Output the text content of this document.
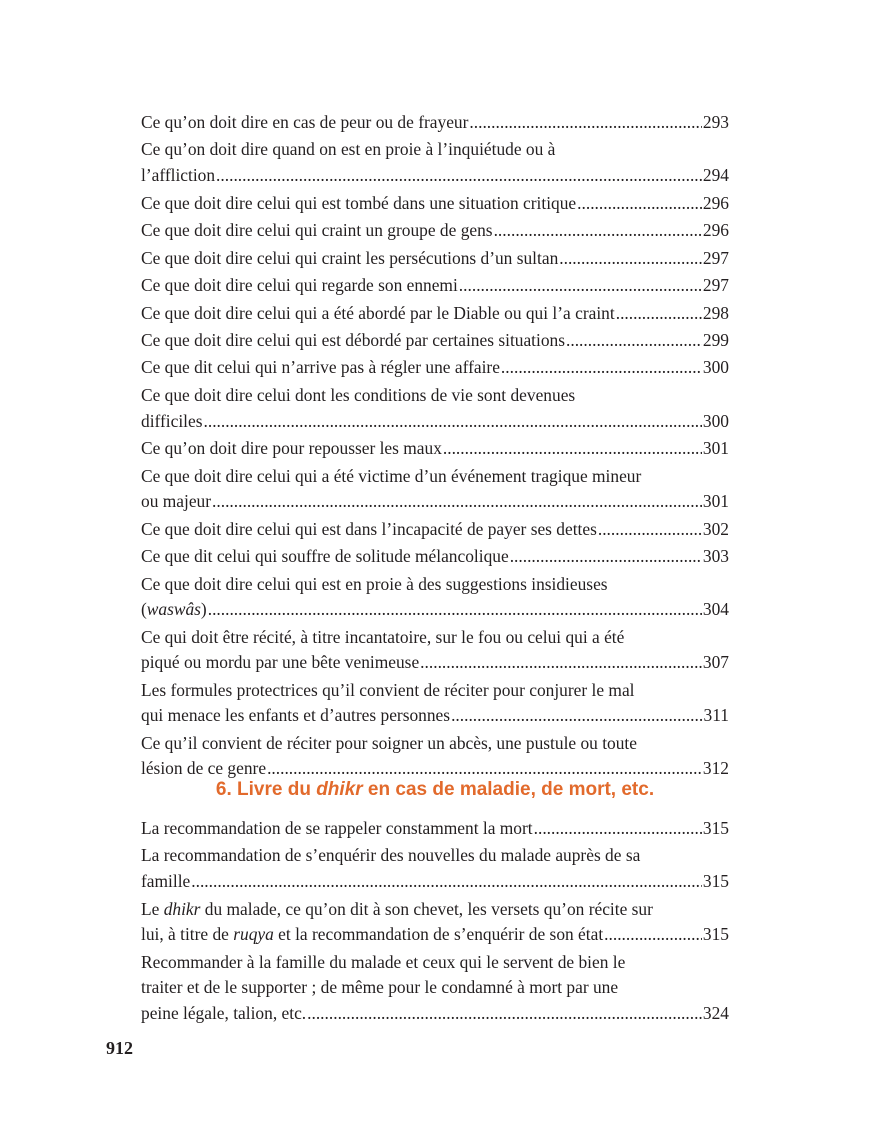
Ce qu’on doit dire en cas de peur ou de frayeur .....	293
Ce qu’on doit dire quand on est en proie à l’inquiétude ou à
l’affliction .....	294
Ce que doit dire celui qui est tombé dans une situation critique .....	296
Ce que doit dire celui qui craint un groupe de gens .....	296
Ce que doit dire celui qui craint les persécutions d’un sultan .....	297
Ce que doit dire celui qui regarde son ennemi .....	297
Ce que doit dire celui qui a été abordé par le Diable ou qui l’a craint .....	298
Ce que doit dire celui qui est débordé par certaines situations .....	299
Ce que dit celui qui n’arrive pas à régler une affaire .....	300
Ce que doit dire celui dont les conditions de vie sont devenues
difficiles .....	300
Ce qu’on doit dire pour repousser les maux .....	301
Ce que doit dire celui qui a été victime d’un événement tragique mineur
ou majeur .....	301
Ce que doit dire celui qui est dans l’incapacité de payer ses dettes .....	302
Ce que dit celui qui souffre de solitude mélancolique .....	303
Ce que doit dire celui qui est en proie à des suggestions insidieuses
(waswâs) .....	304
Ce qui doit être récité, à titre incantatoire, sur le fou ou celui qui a été
piqué ou mordu par une bête venimeuse .....	307
Les formules protectrices qu’il convient de réciter pour conjurer le mal
qui menace les enfants et d’autres personnes .....	311
Ce qu’il convient de réciter pour soigner un abcès, une pustule ou toute
lésion de ce genre .....	312
6. Livre du dhikr en cas de maladie, de mort, etc.
La recommandation de se rappeler constamment la mort .....	315
La recommandation de s’enquérir des nouvelles du malade auprès de sa
famille .....	315
Le dhikr du malade, ce qu’on dit à son chevet, les versets qu’on récite sur
lui, à titre de ruqya et la recommandation de s’enquérir de son état .....	315
Recommander à la famille du malade et ceux qui le servent de bien le
traiter et de le supporter ; de même pour le condamné à mort par une
peine légale, talion, etc. .....	324

912
